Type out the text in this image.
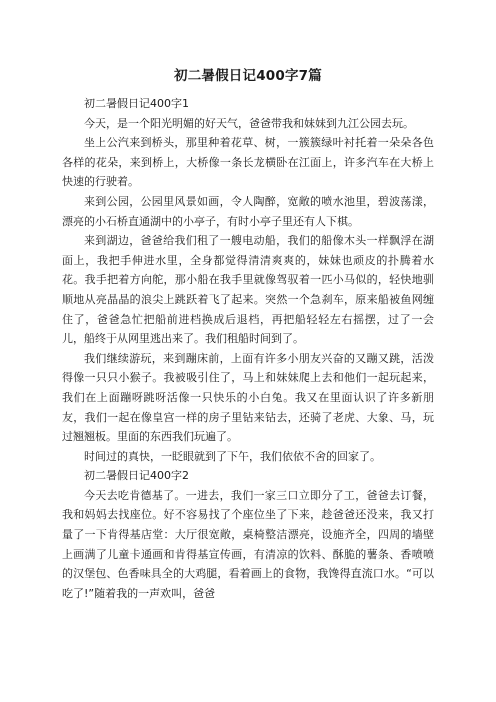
初二暑假日记400字7篇

初二暑假日记400字1

今天，是一个阳光明媚的好天气，爸爸带我和妹妹到九江公园去玩。

坐上公汽来到桥头，那里种着花草、树，一簇簇绿叶衬托着一朵朵各色各样的花朵，来到桥上，大桥像一条长龙横卧在江面上，许多汽车在大桥上快速的行驶着。

来到公园，公园里风景如画，令人陶醉，宽敞的喷水池里，碧波荡漾，漂亮的小石桥直通湖中的小亭子，有时小亭子里还有人下棋。

来到湖边，爸爸给我们租了一艘电动船，我们的船像木头一样飘浮在湖面上，我把手伸进水里，全身都觉得清清爽爽的，妹妹也顽皮的扑腾着水花。我手把着方向舵，那小船在我手里就像驾驭着一匹小马似的，轻快地驯顺地从亮晶晶的浪尖上跳跃着飞了起来。突然一个急刹车，原来船被鱼网缠住了，爸爸急忙把船前进档换成后退档，再把船轻轻左右摇摆，过了一会儿，船终于从网里逃出来了。我们租船时间到了。

我们继续游玩，来到蹦床前，上面有许多小朋友兴奋的又蹦又跳，活泼得像一只只小猴子。我被吸引住了，马上和妹妹爬上去和他们一起玩起来，我们在上面蹦呀跳呀活像一只快乐的小白兔。我又在里面认识了许多新朋友，我们一起在像皇宫一样的房子里钻来钻去，还骑了老虎、大象、马，玩过翘翘板。里面的东西我们玩遍了。

时间过的真快，一眨眼就到了下午，我们依依不舍的回家了。

初二暑假日记400字2

今天去吃肯德基了。一进去，我们一家三口立即分了工，爸爸去订餐，我和妈妈去找座位。好不容易找了个座位坐了下来，趁爸爸还没来，我又打量了一下肯得基店堂：大厅很宽敞，桌椅整洁漂亮，设施齐全，四周的墙壁上画满了儿童卡通画和肯得基宣传画，有清凉的饮料、酥脆的薯条、香喷喷的汉堡包、色香味具全的大鸡腿，看着画上的食物，我馋得直流口水。“可以吃了!”随着我的一声欢叫，爸爸
